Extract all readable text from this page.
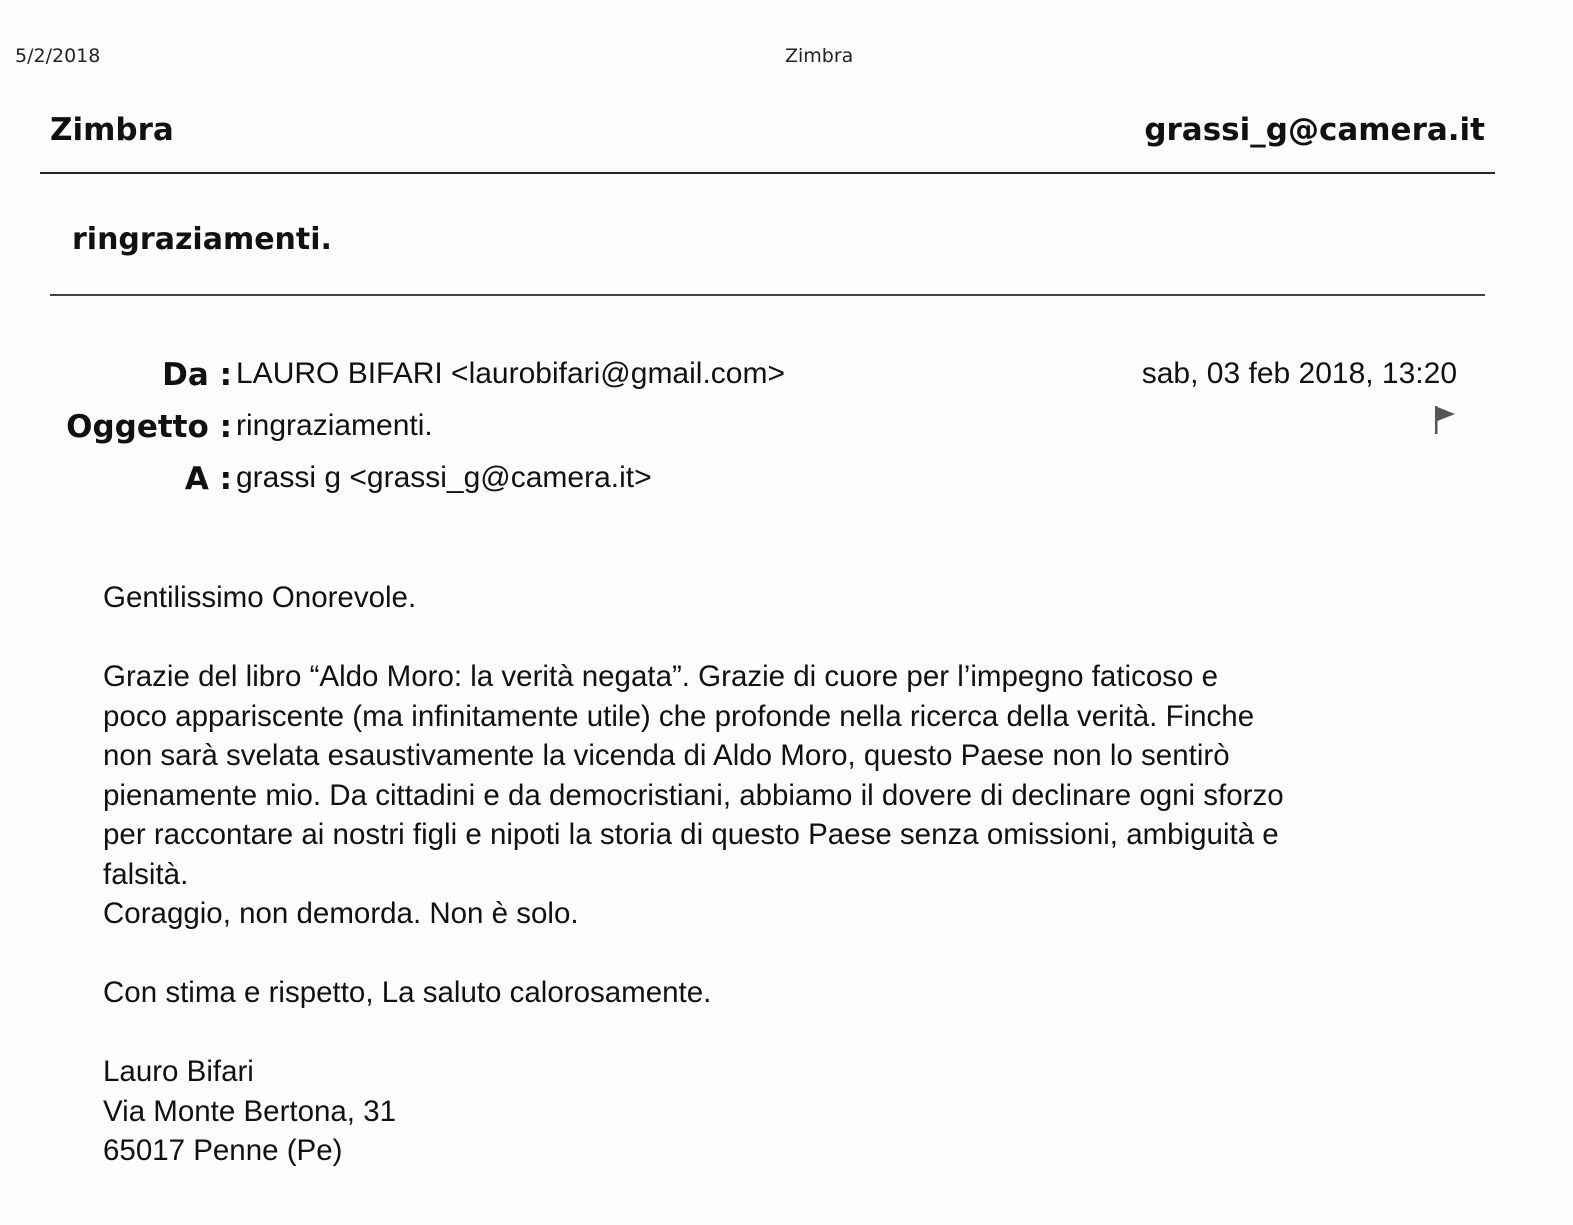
5/2/2018	Zimbra
Zimbra	grassi_g@camera.it
ringraziamenti.
Da : LAURO BIFARI <laurobifari@gmail.com>	sab, 03 feb 2018, 13:20
Oggetto : ringraziamenti.
A : grassi g <grassi_g@camera.it>

Gentilissimo Onorevole.

Grazie del libro “Aldo Moro: la verità negata”. Grazie di cuore per l’impegno faticoso e

poco appariscente (ma infinitamente utile) che profonde nella ricerca della verità. Finche

non sarà svelata esaustivamente la vicenda di Aldo Moro, questo Paese non lo sentirò

pienamente mio. Da cittadini e da democristiani, abbiamo il dovere di declinare ogni sforzo

per raccontare ai nostri figli e nipoti la storia di questo Paese senza omissioni, ambiguità e

falsità.

Coraggio, non demorda. Non è solo.

Con stima e rispetto, La saluto calorosamente.

Lauro Bifari

Via Monte Bertona, 31

65017 Penne (Pe)
